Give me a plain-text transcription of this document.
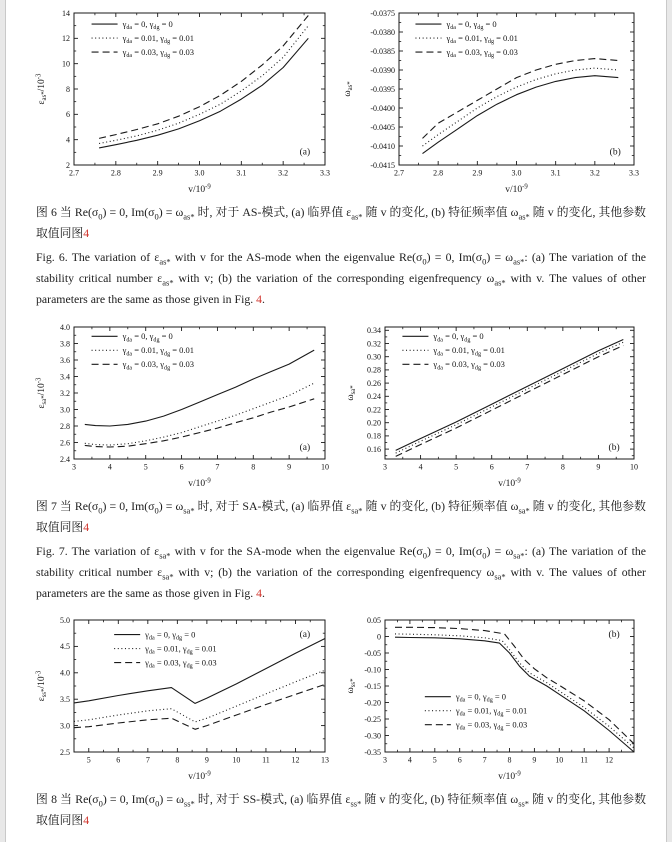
2.7	2.8	2.9	3.0	3.1	3.2	3.3
2
4
6
8
10
12
14
$\gamma_{da} = 0$, $\gamma_{dg} = 0$
$\gamma_{da} = 0.01$, $\gamma_{dg} = 0.01$
$\gamma_{da} = 0.03$, $\gamma_{dg} = 0.03$
(a)
$v/10^{-9}$
$\varepsilon_{as*}/10^{-3}$
2.7	2.8	2.9	3.0	3.1	3.2	3.3
-0.0375
-0.0380
-0.0385
-0.0390
-0.0395
-0.0400
-0.0405
-0.0410
-0.0415
$\gamma_{da} = 0$, $\gamma_{dg} = 0$
$\gamma_{da} = 0.01$, $\gamma_{dg} = 0.01$
$\gamma_{da} = 0.03$, $\gamma_{dg} = 0.03$
(b)
$v/10^{-9}$
$\omega_{as*}$

图 6 当 $Re(\sigma_0) = 0$, $Im(\sigma_0) = \omega_{as*}$ 时, 对于 AS-模式, (a) 临界值 $\varepsilon_{as*}$ 随 v 的变化, (b) 特征频率值 $\omega_{as*}$ 随 v 的变化, 其他参数取值同图4

Fig. 6. The variation of $\varepsilon_{as*}$ with v for the AS-mode when the eigenvalue $Re(\sigma_0) = 0$, $Im(\sigma_0) = \omega_{as*}$: (a) The variation of the stability critical number $\varepsilon_{as*}$ with v; (b) the variation of the corresponding eigenfrequency $\omega_{as*}$ with v. The values of other parameters are the same as those given in Fig. 4.

3	4	5	6	7	8	9	10
2.4
2.6
2.8
3.0
3.2
3.4
3.6
3.8
4.0
$\gamma_{da} = 0$, $\gamma_{dg} = 0$
$\gamma_{da} = 0.01$, $\gamma_{dg} = 0.01$
$\gamma_{da} = 0.03$, $\gamma_{dg} = 0.03$
(a)
$v/10^{-9}$
$\varepsilon_{sa*}/10^{-3}$
3	4	5	6	7	8	9	10
0.16
0.18
0.20
0.22
0.24
0.26
0.28
0.30
0.32
0.34
$\gamma_{da} = 0$, $\gamma_{dg} = 0$
$\gamma_{da} = 0.01$, $\gamma_{dg} = 0.01$
$\gamma_{da} = 0.03$, $\gamma_{dg} = 0.03$
(b)
$v/10^{-9}$
$\omega_{sa*}$

图 7 当 $Re(\sigma_0) = 0$, $Im(\sigma_0) = \omega_{sa*}$ 时, 对于 SA-模式, (a) 临界值 $\varepsilon_{sa*}$ 随 v 的变化, (b) 特征频率值 $\omega_{sa*}$ 随 v 的变化, 其他参数取值同图4

Fig. 7. The variation of $\varepsilon_{sa*}$ with v for the SA-mode when the eigenvalue $Re(\sigma_0) = 0$, $Im(\sigma_0) = \omega_{sa*}$: (a) The variation of the stability critical number $\varepsilon_{sa*}$ with v; (b) the variation of the corresponding eigenfrequency $\omega_{sa*}$ with v. The values of other parameters are the same as those given in Fig. 4.

5	6	7	8	9	10	11	12	13
2.5
3.0
3.5
4.0
4.5
5.0
$\gamma_{da} = 0$, $\gamma_{dg} = 0$
$\gamma_{da} = 0.01$, $\gamma_{dg} = 0.01$
$\gamma_{da} = 0.03$, $\gamma_{dg} = 0.03$
(a)
$v/10^{-9}$
$\varepsilon_{ss*}/10^{-3}$
3	4	5	6	7	8	9 10 11 12
0.05
0
-0.05
-0.10
-0.15
-0.20
-0.25
-0.30
-0.35
$\gamma_{da} = 0$, $\gamma_{dg} = 0$
$\gamma_{da} = 0.01$, $\gamma_{dg} = 0.01$
$\gamma_{da} = 0.03$, $\gamma_{dg} = 0.03$
(b)
$v/10^{-9}$
$\omega_{ss*}$

图 8 当 $Re(\sigma_0) = 0$, $Im(\sigma_0) = \omega_{ss*}$ 时, 对于 SS-模式, (a) 临界值 $\varepsilon_{ss*}$ 随 v 的变化, (b) 特征频率值 $\omega_{ss*}$ 随 v 的变化, 其他参数取值同图4
